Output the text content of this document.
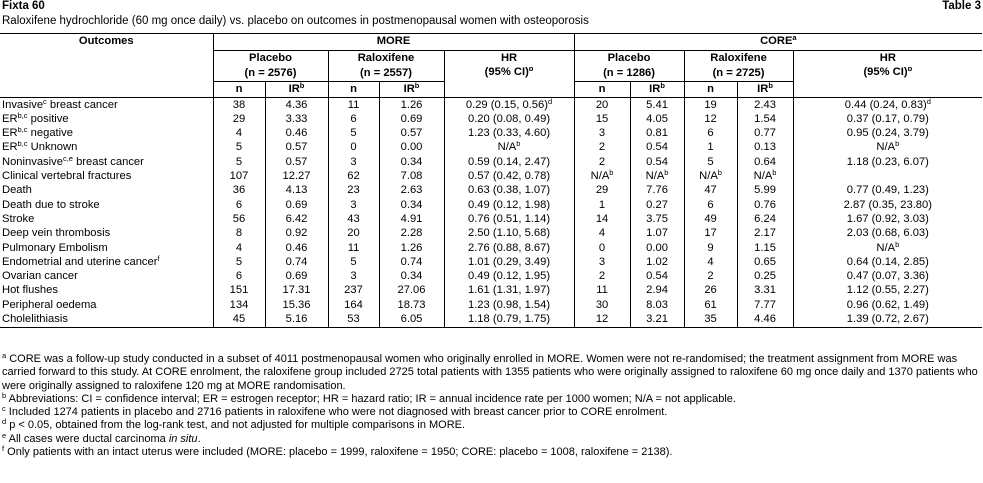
Fixta 60	Table 3
Raloxifene hydrochloride (60 mg once daily) vs. placebo on outcomes in postmenopausal women with osteoporosis
Outcomes	MORE					CORE$^a$
	Placebo		Raloxifene		HR	Placebo		Raloxifene		HR
	(n = 2576)		(n = 2557)		(95% CI)$^b$	(n = 1286)		(n = 2725)		(95% CI)$^b$
	n	$IR^b$	n	$IR^b$		n	$IR^b$	n	$IR^b$
Invasive$^c$ breast cancer	38	4.36	11	1.26	0.29 (0.15, 0.56)$^d$	20	5.41	19	2.43	0.44 (0.24, 0.83)$^d$
ER$^{b,c}$ positive	29	3.33	6	0.69	0.20 (0.08, 0.49)	15	4.05	12	1.54	0.37 (0.17, 0.79)
ER$^{b,c}$ negative	4	0.46	5	0.57	1.23 (0.33, 4.60)	3	0.81	6	0.77	0.95 (0.24, 3.79)
ER$^{b,c}$ Unknown	5	0.57	0	0.00	$N/A^b$	2	0.54	1	0.13	$N/A^b$
Noninvasive$^{c,e}$ breast cancer	5	0.57	3	0.34	0.59 (0.14, 2.47)	2	0.54	5	0.64	1.18 (0.23, 6.07)
Clinical vertebral fractures	107	12.27	62	7.08	0.57 (0.42, 0.78)	$N/A^b$	$N/A^b$	$N/A^b$	$N/A^b$	
Death	36	4.13	23	2.63	0.63 (0.38, 1.07)	29	7.76	47	5.99	0.77 (0.49, 1.23)
Death due to stroke	6	0.69	3	0.34	0.49 (0.12, 1.98)	1	0.27	6	0.76	2.87 (0.35, 23.80)
Stroke	56	6.42	43	4.91	0.76 (0.51, 1.14)	14	3.75	49	6.24	1.67 (0.92, 3.03)
Deep vein thrombosis	8	0.92	20	2.28	2.50 (1.10, 5.68)	4	1.07	17	2.17	2.03 (0.68, 6.03)
Pulmonary Embolism	4	0.46	11	1.26	2.76 (0.88, 8.67)	0	0.00	9	1.15	$N/A^b$
Endometrial and uterine cancer$^f$	5	0.74	5	0.74	1.01 (0.29, 3.49)	3	1.02	4	0.65	0.64 (0.14, 2.85)
Ovarian cancer	6	0.69	3	0.34	0.49 (0.12, 1.95)	2	0.54	2	0.25	0.47 (0.07, 3.36)
Hot flushes	151	17.31	237	27.06	1.61 (1.31, 1.97)	11	2.94	26	3.31	1.12 (0.55, 2.27)
Peripheral oedema	134	15.36	164	18.73	1.23 (0.98, 1.54)	30	8.03	61	7.77	0.96 (0.62, 1.49)
Cholelithiasis	45	5.16	53	6.05	1.18 (0.79, 1.75)	12	3.21	35	4.46	1.39 (0.72, 2.67)

$^a$ CORE was a follow-up study conducted in a subset of 4011 postmenopausal women who originally enrolled in MORE. Women were not re-randomised; the treatment assignment from MORE was carried forward to this study. At CORE enrolment, the raloxifene group included 2725 total patients with 1355 patients who were originally assigned to raloxifene 60 mg once daily and 1370 patients who were originally assigned to raloxifene 120 mg at MORE randomisation.

$^b$ Abbreviations: CI = confidence interval; ER = estrogen receptor; HR = hazard ratio; IR = annual incidence rate per 1000 women; N/A = not applicable.

$^c$ Included 1274 patients in placebo and 2716 patients in raloxifene who were not diagnosed with breast cancer prior to CORE enrolment.

$^d$ p < 0.05, obtained from the log-rank test, and not adjusted for multiple comparisons in MORE.

$^e$ All cases were ductal carcinoma in situ.

$^f$ Only patients with an intact uterus were included (MORE: placebo = 1999, raloxifene = 1950; CORE: placebo = 1008, raloxifene = 2138).
